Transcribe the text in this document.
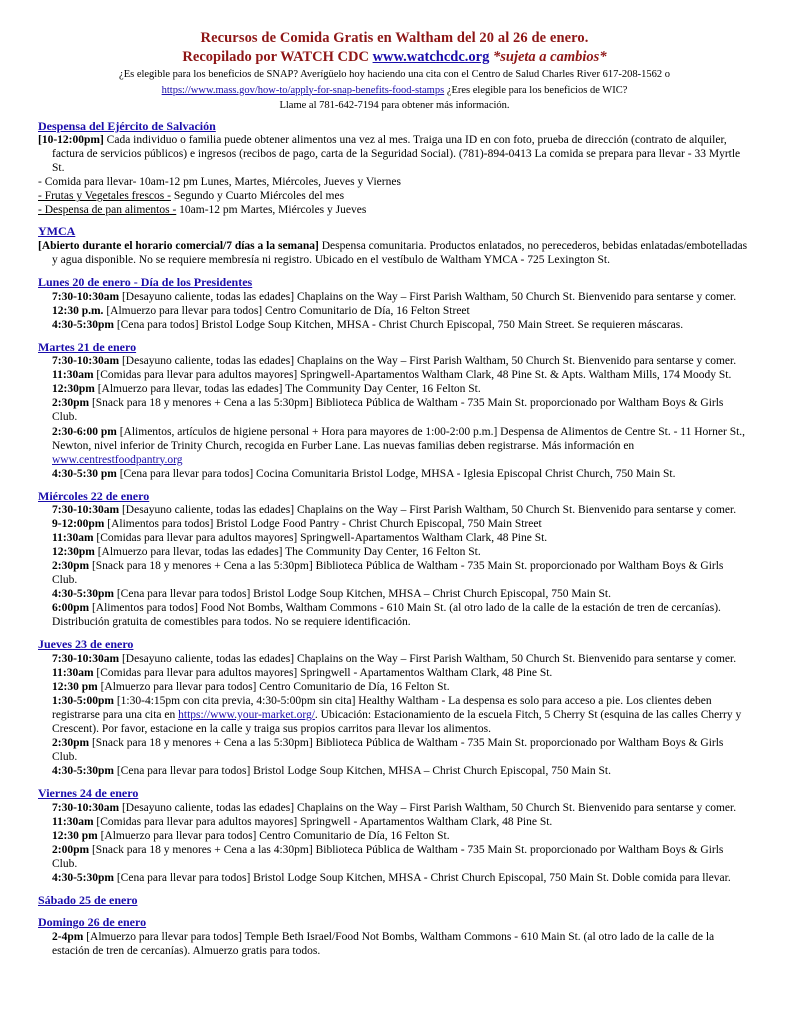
Recursos de Comida Gratis en Waltham del 20 al 26 de enero.
Recopilado por WATCH CDC www.watchcdc.org *sujeta a cambios*
¿Es elegible para los beneficios de SNAP? Averígüelo hoy haciendo una cita con el Centro de Salud Charles River 617-208-1562 o
https://www.mass.gov/how-to/apply-for-snap-benefits-food-stamps ¿Eres elegible para los beneficios de WIC?
Llame al 781-642-7194 para obtener más información.
Despensa del Ejército de Salvación

[10-12:00pm] Cada individuo o familia puede obtener alimentos una vez al mes. Traiga una ID en con foto, prueba de dirección (contrato de alquiler, factura de servicios públicos) e ingresos (recibos de pago, carta de la Seguridad Social). (781)-894-0413 La comida se prepara para llevar - 33 Myrtle St.

- Comida para llevar- 10am-12 pm Lunes, Martes, Miércoles, Jueves y Viernes

- Frutas y Vegetales frescos - Segundo y Cuarto Miércoles del mes

- Despensa de pan alimentos - 10am-12 pm Martes, Miércoles y Jueves

YMCA

[Abierto durante el horario comercial/7 días a la semana] Despensa comunitaria. Productos enlatados, no perecederos, bebidas enlatadas/embotelladas y agua disponible. No se requiere membresía ni registro. Ubicado en el vestíbulo de Waltham YMCA - 725 Lexington St.

Lunes 20 de enero - Día de los Presidentes

7:30-10:30am [Desayuno caliente, todas las edades] Chaplains on the Way – First Parish Waltham, 50 Church St. Bienvenido para sentarse y comer.

12:30 p.m. [Almuerzo para llevar para todos] Centro Comunitario de Día, 16 Felton Street

4:30-5:30pm [Cena para todos] Bristol Lodge Soup Kitchen, MHSA - Christ Church Episcopal, 750 Main Street. Se requieren máscaras.

Martes 21 de enero

7:30-10:30am [Desayuno caliente, todas las edades] Chaplains on the Way – First Parish Waltham, 50 Church St. Bienvenido para sentarse y comer.

11:30am [Comidas para llevar para adultos mayores] Springwell-Apartamentos Waltham Clark, 48 Pine St. & Apts. Waltham Mills, 174 Moody St.

12:30pm [Almuerzo para llevar, todas las edades] The Community Day Center, 16 Felton St.

2:30pm [Snack para 18 y menores + Cena a las 5:30pm] Biblioteca Pública de Waltham - 735 Main St. proporcionado por Waltham Boys & Girls Club.

2:30-6:00 pm [Alimentos, artículos de higiene personal + Hora para mayores de 1:00-2:00 p.m.] Despensa de Alimentos de Centre St. - 11 Horner St., Newton, nivel inferior de Trinity Church, recogida en Furber Lane. Las nuevas familias deben registrarse. Más información en www.centrestfoodpantry.org

4:30-5:30 pm [Cena para llevar para todos] Cocina Comunitaria Bristol Lodge, MHSA - Iglesia Episcopal Christ Church, 750 Main St.

Miércoles 22 de enero

7:30-10:30am [Desayuno caliente, todas las edades] Chaplains on the Way – First Parish Waltham, 50 Church St. Bienvenido para sentarse y comer.

9-12:00pm [Alimentos para todos] Bristol Lodge Food Pantry - Christ Church Episcopal, 750 Main Street

11:30am [Comidas para llevar para adultos mayores] Springwell-Apartamentos Waltham Clark, 48 Pine St.

12:30pm [Almuerzo para llevar, todas las edades] The Community Day Center, 16 Felton St.

2:30pm [Snack para 18 y menores + Cena a las 5:30pm] Biblioteca Pública de Waltham - 735 Main St. proporcionado por Waltham Boys & Girls Club.

4:30-5:30pm [Cena para llevar para todos] Bristol Lodge Soup Kitchen, MHSA – Christ Church Episcopal, 750 Main St.

6:00pm [Alimentos para todos] Food Not Bombs, Waltham Commons - 610 Main St. (al otro lado de la calle de la estación de tren de cercanías). Distribución gratuita de comestibles para todos. No se requiere identificación.

Jueves 23 de enero

7:30-10:30am [Desayuno caliente, todas las edades] Chaplains on the Way – First Parish Waltham, 50 Church St. Bienvenido para sentarse y comer.

11:30am [Comidas para llevar para adultos mayores] Springwell - Apartamentos Waltham Clark, 48 Pine St.

12:30 pm [Almuerzo para llevar para todos] Centro Comunitario de Día, 16 Felton St.

1:30-5:00pm [1:30-4:15pm con cita previa, 4:30-5:00pm sin cita] Healthy Waltham - La despensa es solo para acceso a pie. Los clientes deben registrarse para una cita en https://www.your-market.org/. Ubicación: Estacionamiento de la escuela Fitch, 5 Cherry St (esquina de las calles Cherry y Crescent). Por favor, estacione en la calle y traiga sus propios carritos para llevar los alimentos.

2:30pm [Snack para 18 y menores + Cena a las 5:30pm] Biblioteca Pública de Waltham - 735 Main St. proporcionado por Waltham Boys & Girls Club.

4:30-5:30pm [Cena para llevar para todos] Bristol Lodge Soup Kitchen, MHSA – Christ Church Episcopal, 750 Main St.

Viernes 24 de enero

7:30-10:30am [Desayuno caliente, todas las edades] Chaplains on the Way – First Parish Waltham, 50 Church St. Bienvenido para sentarse y comer.

11:30am [Comidas para llevar para adultos mayores] Springwell - Apartamentos Waltham Clark, 48 Pine St.

12:30 pm [Almuerzo para llevar para todos] Centro Comunitario de Día, 16 Felton St.

2:00pm [Snack para 18 y menores + Cena a las 4:30pm] Biblioteca Pública de Waltham - 735 Main St. proporcionado por Waltham Boys & Girls Club.

4:30-5:30pm [Cena para llevar para todos] Bristol Lodge Soup Kitchen, MHSA - Christ Church Episcopal, 750 Main St. Doble comida para llevar.

Sábado 25 de enero
Domingo 26 de enero

2-4pm [Almuerzo para llevar para todos] Temple Beth Israel/Food Not Bombs, Waltham Commons - 610 Main St. (al otro lado de la calle de la estación de tren de cercanías). Almuerzo gratis para todos.
